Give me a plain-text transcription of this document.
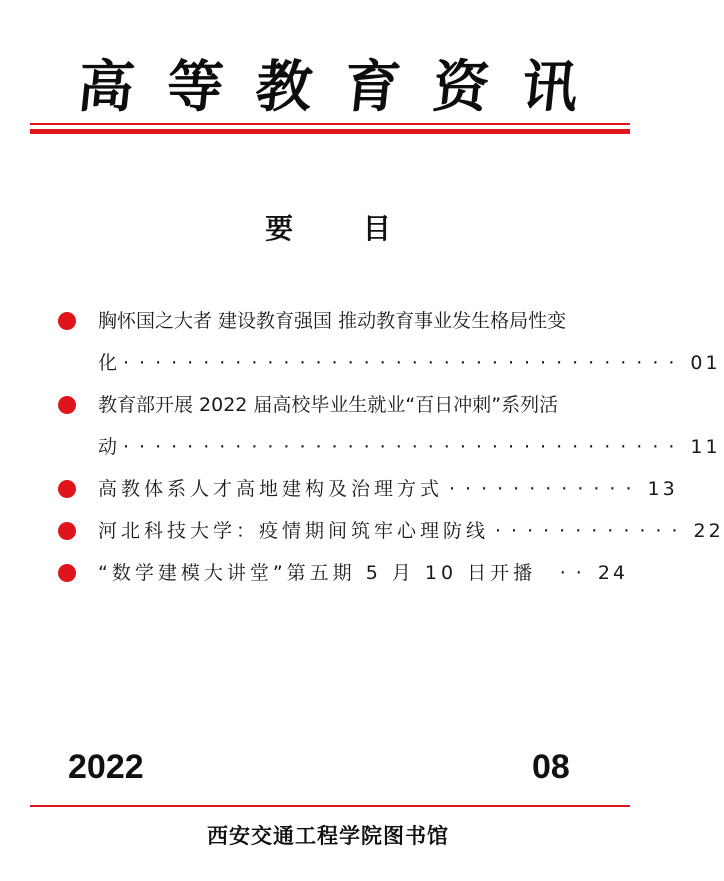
高 等 教 育 资 讯
要 目
胸怀国之大者 建设教育强国 推动教育事业发生格局性变
化 ··································· 01
教育部开展 2022 届高校毕业生就业“百日冲刺”系列活
动 ··································· 11
高教体系人才高地建构及治理方式 ············ 13
河北科技大学：疫情期间筑牢心理防线 ············ 22
“数学建模大讲堂”第五期 5 月 10 日开播	·· 24
2022	08
西安交通工程学院图书馆
